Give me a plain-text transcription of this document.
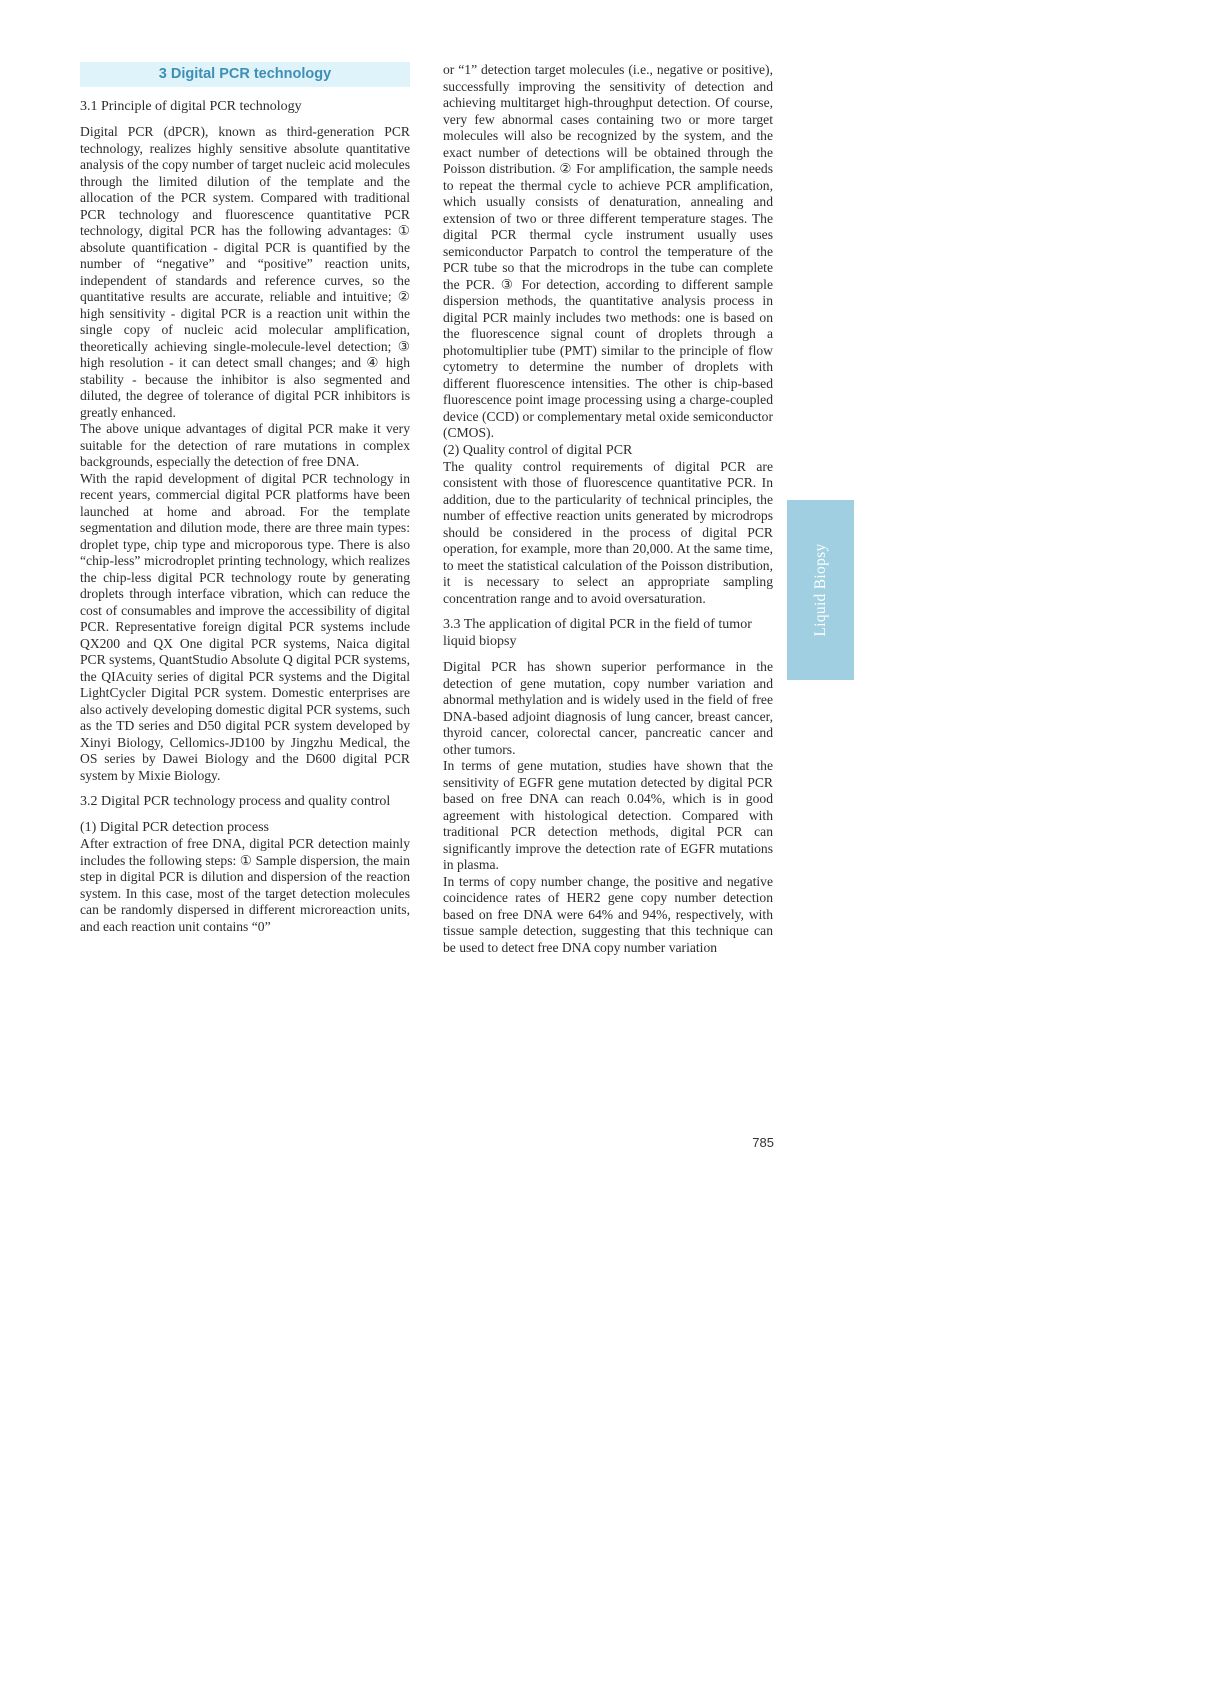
3 Digital PCR technology
3.1 Principle of digital PCR technology

Digital PCR (dPCR), known as third-generation PCR technology, realizes highly sensitive absolute quantitative analysis of the copy number of target nucleic acid molecules through the limited dilution of the template and the allocation of the PCR system. Compared with traditional PCR technology and fluorescence quantitative PCR technology, digital PCR has the following advantages: ① absolute quantification - digital PCR is quantified by the number of “negative” and “positive” reaction units, independent of standards and reference curves, so the quantitative results are accurate, reliable and intuitive; ② high sensitivity - digital PCR is a reaction unit within the single copy of nucleic acid molecular amplification, theoretically achieving single-molecule-level detection; ③ high resolution - it can detect small changes; and ④ high stability - because the inhibitor is also segmented and diluted, the degree of tolerance of digital PCR inhibitors is greatly enhanced.

The above unique advantages of digital PCR make it very suitable for the detection of rare mutations in complex backgrounds, especially the detection of free DNA.

With the rapid development of digital PCR technology in recent years, commercial digital PCR platforms have been launched at home and abroad. For the template segmentation and dilution mode, there are three main types: droplet type, chip type and microporous type. There is also “chip-less” microdroplet printing technology, which realizes the chip-less digital PCR technology route by generating droplets through interface vibration, which can reduce the cost of consumables and improve the accessibility of digital PCR. Representative foreign digital PCR systems include QX200 and QX One digital PCR systems, Naica digital PCR systems, QuantStudio Absolute Q digital PCR systems, the QIAcuity series of digital PCR systems and the Digital LightCycler Digital PCR system. Domestic enterprises are also actively developing domestic digital PCR systems, such as the TD series and D50 digital PCR system developed by Xinyi Biology, Cellomics-JD100 by Jingzhu Medical, the OS series by Dawei Biology and the D600 digital PCR system by Mixie Biology.

3.2 Digital PCR technology process and quality control
(1) Digital PCR detection process

After extraction of free DNA, digital PCR detection mainly includes the following steps: ① Sample dispersion, the main step in digital PCR is dilution and dispersion of the reaction system. In this case, most of the target detection molecules can be randomly dispersed in different microreaction units, and each reaction unit contains “0”

or “1” detection target molecules (i.e., negative or positive), successfully improving the sensitivity of detection and achieving multitarget high-throughput detection. Of course, very few abnormal cases containing two or more target molecules will also be recognized by the system, and the exact number of detections will be obtained through the Poisson distribution. ② For amplification, the sample needs to repeat the thermal cycle to achieve PCR amplification, which usually consists of denaturation, annealing and extension of two or three different temperature stages. The digital PCR thermal cycle instrument usually uses semiconductor Parpatch to control the temperature of the PCR tube so that the microdrops in the tube can complete the PCR. ③ For detection, according to different sample dispersion methods, the quantitative analysis process in digital PCR mainly includes two methods: one is based on the fluorescence signal count of droplets through a photomultiplier tube (PMT) similar to the principle of flow cytometry to determine the number of droplets with different fluorescence intensities. The other is chip-based fluorescence point image processing using a charge-coupled device (CCD) or complementary metal oxide semiconductor (CMOS).

(2) Quality control of digital PCR

The quality control requirements of digital PCR are consistent with those of fluorescence quantitative PCR. In addition, due to the particularity of technical principles, the number of effective reaction units generated by microdrops should be considered in the process of digital PCR operation, for example, more than 20,000. At the same time, to meet the statistical calculation of the Poisson distribution, it is necessary to select an appropriate sampling concentration range and to avoid oversaturation.

3.3 The application of digital PCR in the field of tumor liquid biopsy

Digital PCR has shown superior performance in the detection of gene mutation, copy number variation and abnormal methylation and is widely used in the field of free DNA-based adjoint diagnosis of lung cancer, breast cancer, thyroid cancer, colorectal cancer, pancreatic cancer and other tumors.

In terms of gene mutation, studies have shown that the sensitivity of EGFR gene mutation detected by digital PCR based on free DNA can reach 0.04%, which is in good agreement with histological detection. Compared with traditional PCR detection methods, digital PCR can significantly improve the detection rate of EGFR mutations in plasma.

In terms of copy number change, the positive and negative coincidence rates of HER2 gene copy number detection based on free DNA were 64% and 94%, respectively, with tissue sample detection, suggesting that this technique can be used to detect free DNA copy number variation

Liquid Biopsy
785
